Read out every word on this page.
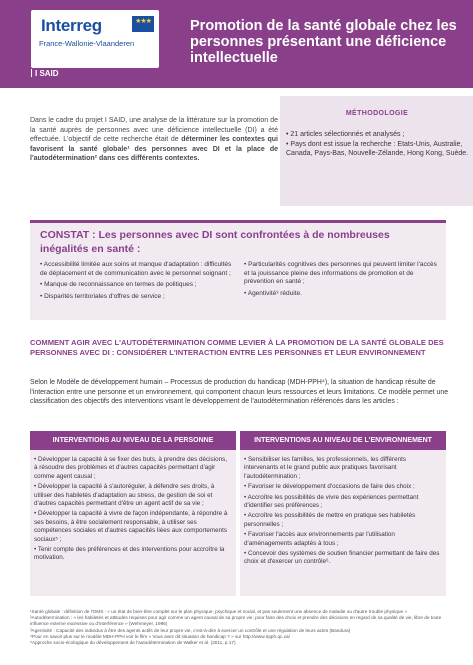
Interreg	★★★
France-Wallonie-Vlaanderen
I SAID
Promotion de la santé globale chez les personnes présentant une déficience intellectuelle

Dans le cadre du projet I SAID, une analyse de la littérature sur la promotion de la santé auprès de personnes avec une déficience intellectuelle (DI) a été effectuée. L'objectif de cette recherche était de déterminer les contextes qui favorisent la santé globale¹ des personnes avec DI et la place de l'autodétermination² dans ces différents contextes.

MÉTHODOLOGIE
• 21 articles sélectionnés et analysés ;
• Pays dont est issue la recherche : Etats-Unis, Australie, Canada, Pays-Bas, Nouvelle-Zélande, Hong Kong, Suède.
CONSTAT : Les personnes avec DI sont confrontées à de nombreuses inégalités en santé :
• Accessibilité limitée aux soins et manque d'adaptation : difficultés de déplacement et de communication avec le personnel soignant ;
• Manque de reconnaissance en termes de politiques ;
• Disparités territoriales d'offres de service ;
• Particularités cognitives des personnes qui peuvent limiter l'accès et la jouissance pleine des informations de promotion et de prévention en santé ;
• Agentivité³ réduite.
COMMENT AGIR AVEC L'AUTODÉTERMINATION COMME LEVIER À LA PROMOTION DE LA SANTÉ GLOBALE DES PERSONNES AVEC DI : CONSIDÉRER L'INTERACTION ENTRE LES PERSONNES ET LEUR ENVIRONNEMENT

Selon le Modèle de développement humain – Processus de production du handicap (MDH-PPH⁴), la situation de handicap résulte de l'interaction entre une personne et un environnement, qui comportent chacun leurs ressources et leurs limitations. Ce modèle permet une classification des objectifs des interventions visant le développement de l'autodétermination référencés dans les articles :

INTERVENTIONS AU NIVEAU DE LA PERSONNE
• Développer la capacité à se fixer des buts, à prendre des décisions, à résoudre des problèmes et d'autres capacités permettant d'agir comme agent causal ;
• Développer la capacité à s'autoréguler, à défendre ses droits, à utiliser des habiletés d'adaptation au stress, de gestion de soi et d'autres capacités permettant d'être un agent actif de sa vie ;
• Développer la capacité à vivre de façon indépendante, à répondre à ses besoins, à être socialement responsable, à utiliser ses compétences sociales et d'autres capacités liées aux comportements sociaux⁵ ;
• Tenir compte des préférences et des interventions pour accroître la motivation.
INTERVENTIONS AU NIVEAU DE L'ENVIRONNEMENT
• Sensibiliser les familles, les professionnels, les différents intervenants et le grand public aux pratiques favorisant l'autodétermination ;
• Favoriser le développement d'occasions de faire des choix ;
• Accroître les possibilités de vivre des expériences permettant d'identifier ses préférences ;
• Accroître les possibilités de mettre en pratique ses habiletés personnelles ;
• Favoriser l'accès aux environnements par l'utilisation d'aménagements adaptés à tous ;
• Concevoir des systèmes de soutien financier permettant de faire des choix et d'exercer un contrôle⁶.

¹Santé globale : définition de l'OMS : « un état de bien-être complet sur le plan physique, psychique et social, et pas seulement une absence de maladie ou d'autre trouble physique »

²Autodétermination : « les habiletés et attitudes requises pour agir comme un agent causal de sa propre vie, pour faire des choix et prendre des décisions en regard de sa qualité de vie, libre de toute influence externe excessive ou d'interférence » (Wehmeyer, 1996)

³Agentivité : Capacité des individus à être des agents actifs de leur propre vie, c'est-à-dire à exercer un contrôle et une régulation de leurs actes (Bandura)

⁴Pour en savoir plus sur le modèle MDH-PPH voir le film « Vous avez dit situation de handicap ? » sur http://www.ripph.qc.ca/

⁵Approche socio-écologique du développement de l'autodétermination de Walker et al. (2011, p.17)
